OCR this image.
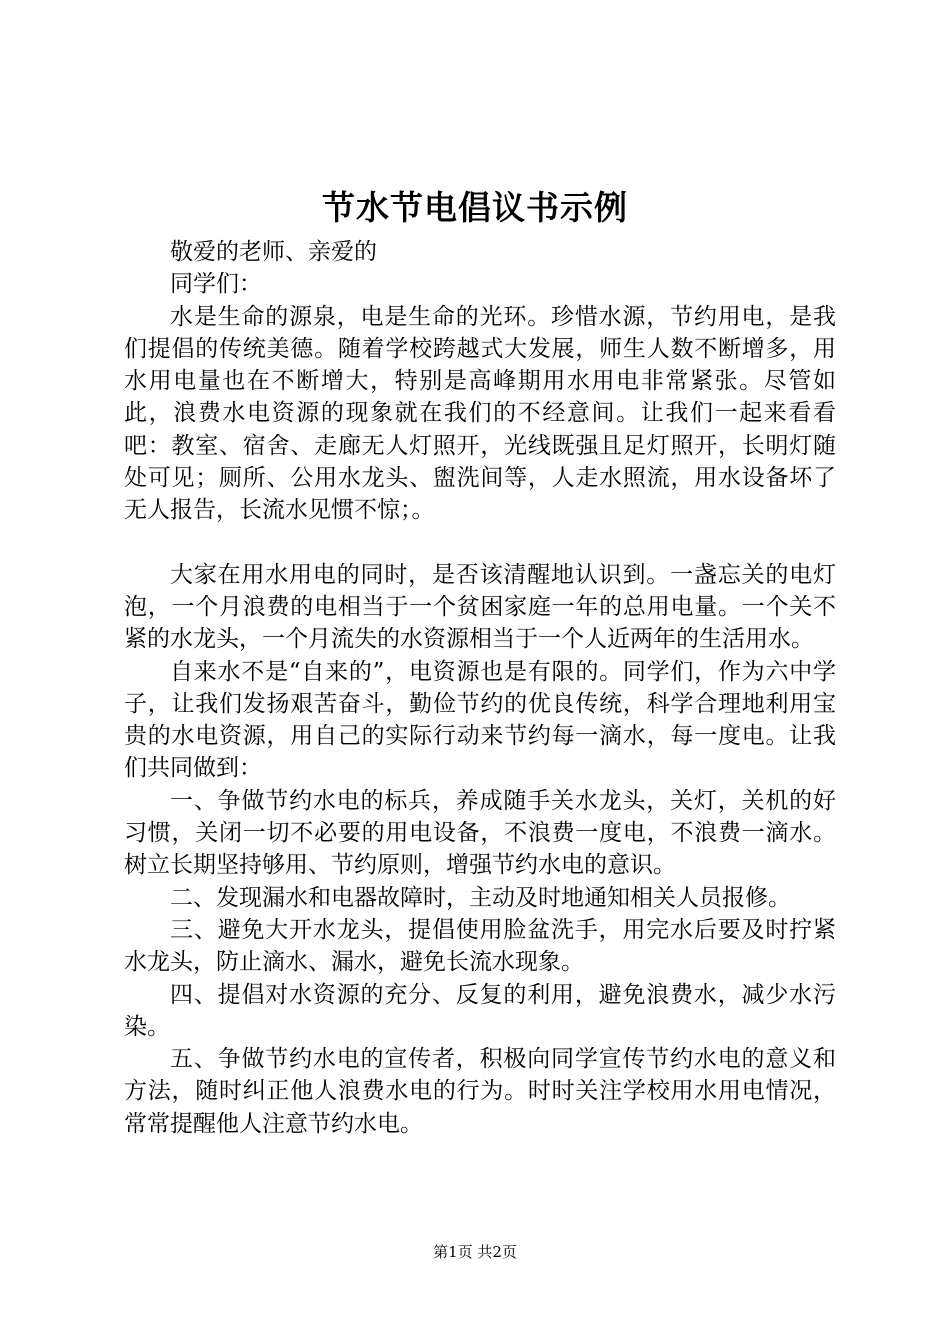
节水节电倡议书示例

敬爱的老师、亲爱的

同学们：

水是生命的源泉，电是生命的光环。珍惜水源，节约用电，是我们提倡的传统美德。随着学校跨越式大发展，师生人数不断增多，用水用电量也在不断增大，特别是高峰期用水用电非常紧张。尽管如此，浪费水电资源的现象就在我们的不经意间。让我们一起来看看吧：教室、宿舍、走廊无人灯照开，光线既强且足灯照开，长明灯随处可见；厕所、公用水龙头、盥洗间等，人走水照流，用水设备坏了无人报告，长流水见惯不惊；。

大家在用水用电的同时，是否该清醒地认识到。一盏忘关的电灯泡，一个月浪费的电相当于一个贫困家庭一年的总用电量。一个关不紧的水龙头，一个月流失的水资源相当于一个人近两年的生活用水。

自来水不是“自来的”，电资源也是有限的。同学们，作为六中学子，让我们发扬艰苦奋斗，勤俭节约的优良传统，科学合理地利用宝贵的水电资源，用自己的实际行动来节约每一滴水，每一度电。让我们共同做到：

一、争做节约水电的标兵，养成随手关水龙头，关灯，关机的好习惯，关闭一切不必要的用电设备，不浪费一度电，不浪费一滴水。树立长期坚持够用、节约原则，增强节约水电的意识。

二、发现漏水和电器故障时，主动及时地通知相关人员报修。

三、避免大开水龙头，提倡使用脸盆洗手，用完水后要及时拧紧水龙头，防止滴水、漏水，避免长流水现象。

四、提倡对水资源的充分、反复的利用，避免浪费水，减少水污染。

五、争做节约水电的宣传者，积极向同学宣传节约水电的意义和方法，随时纠正他人浪费水电的行为。时时关注学校用水用电情况，常常提醒他人注意节约水电。

第1页 共2页
